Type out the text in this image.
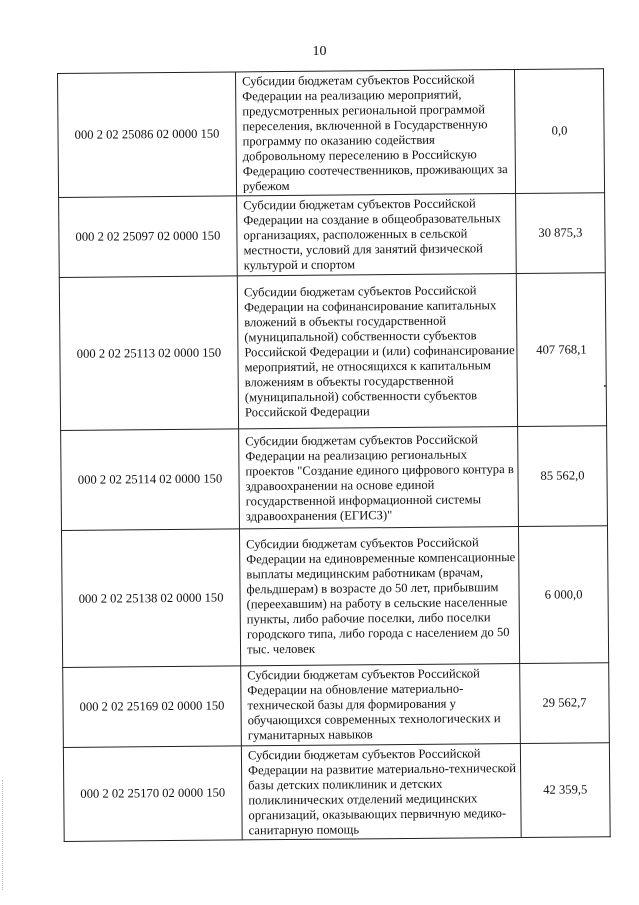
10
000 2 02 25086 02 0000 150	Субсидии бюджетам субъектов Российской Федерации на реализацию мероприятий, предусмотренных региональной программой переселения, включенной в Государственную программу по оказанию содействия добровольному переселению в Российскую Федерацию соотечественников, проживающих за рубежом	0,0
000 2 02 25097 02 0000 150	Субсидии бюджетам субъектов Российской Федерации на создание в общеобразовательных организациях, расположенных в сельской местности, условий для занятий физической культурой и спортом	30 875,3
000 2 02 25113 02 0000 150	Субсидии бюджетам субъектов Российской Федерации на софинансирование капитальных вложений в объекты государственной (муниципальной) собственности субъектов Российской Федерации и (или) софинансирование мероприятий, не относящихся к капитальным вложениям в объекты государственной (муниципальной) собственности субъектов Российской Федерации	407 768,1
000 2 02 25114 02 0000 150	Субсидии бюджетам субъектов Российской Федерации на реализацию региональных проектов "Создание единого цифрового контура в здравоохранении на основе единой государственной информационной системы здравоохранения (ЕГИСЗ)"	85 562,0
000 2 02 25138 02 0000 150	Субсидии бюджетам субъектов Российской Федерации на единовременные компенсационные выплаты медицинским работникам (врачам, фельдшерам) в возрасте до 50 лет, прибывшим (переехавшим) на работу в сельские населенные пункты, либо рабочие поселки, либо поселки городского типа, либо города с населением до 50 тыс. человек	6 000,0
000 2 02 25169 02 0000 150	Субсидии бюджетам субъектов Российской Федерации на обновление материально-технической базы для формирования у обучающихся современных технологических и гуманитарных навыков	29 562,7
000 2 02 25170 02 0000 150	Субсидии бюджетам субъектов Российской Федерации на развитие материально-технической базы детских поликлиник и детских поликлинических отделений медицинских организаций, оказывающих первичную медико-санитарную помощь	42 359,5
